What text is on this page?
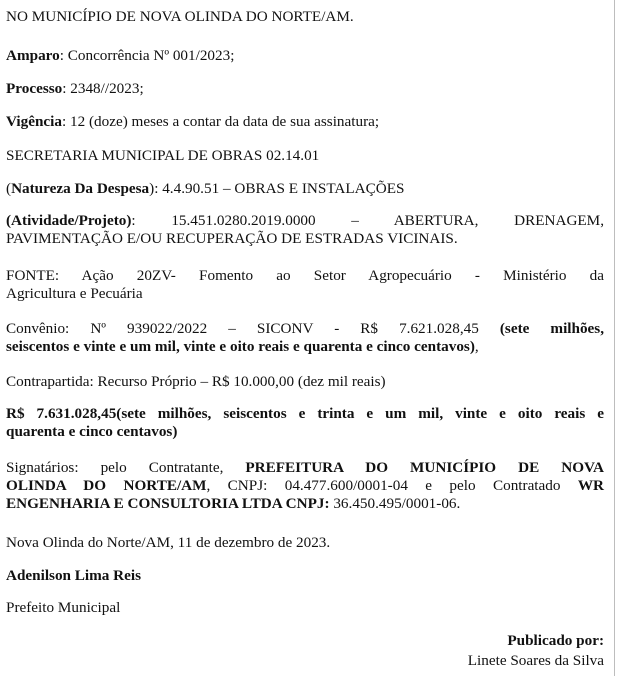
NO MUNICÍPIO DE NOVA OLINDA DO NORTE/AM.

Amparo: Concorrência Nº 001/2023;

Processo: 2348//2023;

Vigência: 12 (doze) meses a contar da data de sua assinatura;

SECRETARIA MUNICIPAL DE OBRAS 02.14.01

(Natureza Da Despesa): 4.4.90.51 – OBRAS E INSTALAÇÕES

(Atividade/Projeto): 15.451.0280.2019.0000 – ABERTURA, DRENAGEM,

PAVIMENTAÇÃO E/OU RECUPERAÇÃO DE ESTRADAS VICINAIS.

FONTE: Ação 20ZV- Fomento ao Setor Agropecuário - Ministério da

Agricultura e Pecuária

Convênio: Nº 939022/2022 – SICONV - R$ 7.621.028,45 (sete milhões,

seiscentos e vinte e um mil, vinte e oito reais e quarenta e cinco centavos),

Contrapartida: Recurso Próprio – R$ 10.000,00 (dez mil reais)

R$ 7.631.028,45(sete milhões, seiscentos e trinta e um mil, vinte e oito reais e

quarenta e cinco centavos)

Signatários: pelo Contratante, PREFEITURA DO MUNICÍPIO DE NOVA

OLINDA DO NORTE/AM, CNPJ: 04.477.600/0001-04 e pelo Contratado WR

ENGENHARIA E CONSULTORIA LTDA CNPJ: 36.450.495/0001-06.

Nova Olinda do Norte/AM, 11 de dezembro de 2023.

Adenilson Lima Reis

Prefeito Municipal

Publicado por:

Linete Soares da Silva
